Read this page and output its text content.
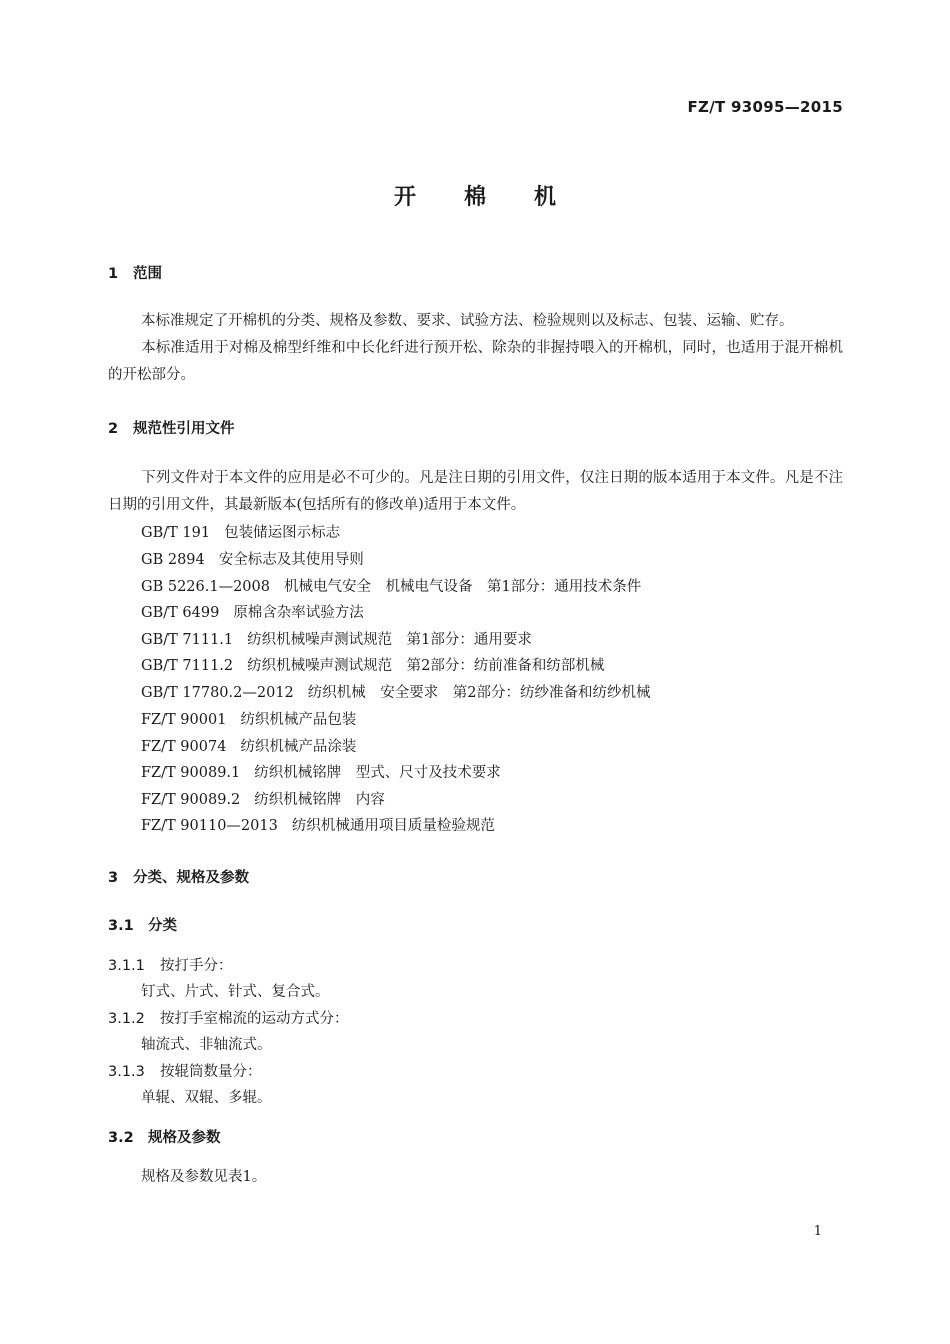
FZ/T 93095—2015
开棉机
1 范围
本标准规定了开棉机的分类、规格及参数、要求、试验方法、检验规则以及标志、包装、运输、贮存。
本标准适用于对棉及棉型纤维和中长化纤进行预开松、除杂的非握持喂入的开棉机，同时，也适用于混开棉机的开松部分。
2 规范性引用文件
下列文件对于本文件的应用是必不可少的。凡是注日期的引用文件，仅注日期的版本适用于本文件。凡是不注日期的引用文件，其最新版本(包括所有的修改单)适用于本文件。
GB/T 191 包装储运图示标志
GB 2894 安全标志及其使用导则
GB 5226.1—2008 机械电气安全　机械电气设备　第1部分：通用技术条件
GB/T 6499 原棉含杂率试验方法
GB/T 7111.1 纺织机械噪声测试规范　第1部分：通用要求
GB/T 7111.2 纺织机械噪声测试规范　第2部分：纺前准备和纺部机械
GB/T 17780.2—2012 纺织机械　安全要求　第2部分：纺纱准备和纺纱机械
FZ/T 90001 纺织机械产品包装
FZ/T 90074 纺织机械产品涂装
FZ/T 90089.1 纺织机械铭牌　型式、尺寸及技术要求
FZ/T 90089.2 纺织机械铭牌　内容
FZ/T 90110—2013 纺织机械通用项目质量检验规范
3 分类、规格及参数
3.1 分类
3.1.1 按打手分：
钉式、片式、针式、复合式。
3.1.2 按打手室棉流的运动方式分：
轴流式、非轴流式。
3.1.3 按辊筒数量分：
单辊、双辊、多辊。
3.2 规格及参数
规格及参数见表1。
1
